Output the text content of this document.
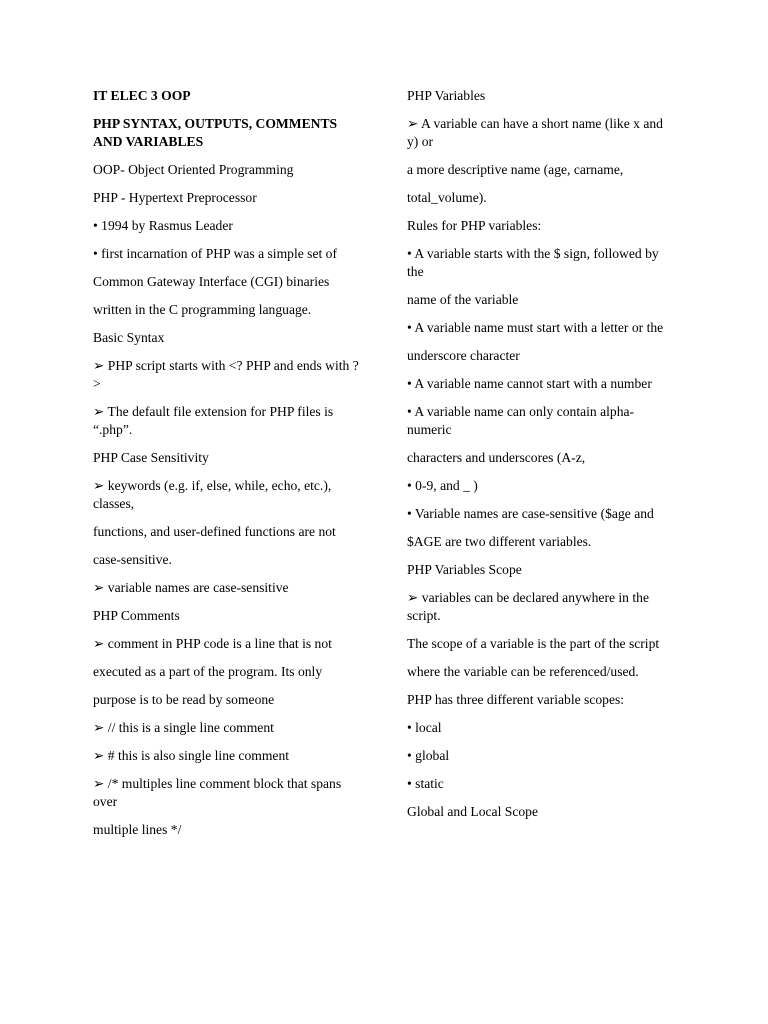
IT ELEC 3 OOP

PHP SYNTAX, OUTPUTS, COMMENTS AND VARIABLES

OOP- Object Oriented Programming

PHP - Hypertext Preprocessor

• 1994 by Rasmus Leader

• first incarnation of PHP was a simple set of

Common Gateway Interface (CGI) binaries

written in the C programming language.

Basic Syntax

➢ PHP script starts with <? PHP and ends with ?>

➢ The default file extension for PHP files is “.php”.

PHP Case Sensitivity

➢ keywords (e.g. if, else, while, echo, etc.), classes,

functions, and user-defined functions are not

case-sensitive.

➢ variable names are case-sensitive

PHP Comments

➢ comment in PHP code is a line that is not

executed as a part of the program. Its only

purpose is to be read by someone

➢ // this is a single line comment

➢ # this is also single line comment

➢ /* multiples line comment block that spans over

multiple lines */

PHP Variables

➢ A variable can have a short name (like x and y) or

a more descriptive name (age, carname,

total_volume).

Rules for PHP variables:

• A variable starts with the $ sign, followed by the

name of the variable

• A variable name must start with a letter or the

underscore character

• A variable name cannot start with a number

• A variable name can only contain alpha-numeric

characters and underscores (A-z,

• 0-9, and _ )

• Variable names are case-sensitive ($age and

$AGE are two different variables.

PHP Variables Scope

➢ variables can be declared anywhere in the script.

The scope of a variable is the part of the script

where the variable can be referenced/used.

PHP has three different variable scopes:

• local

• global

• static

Global and Local Scope
